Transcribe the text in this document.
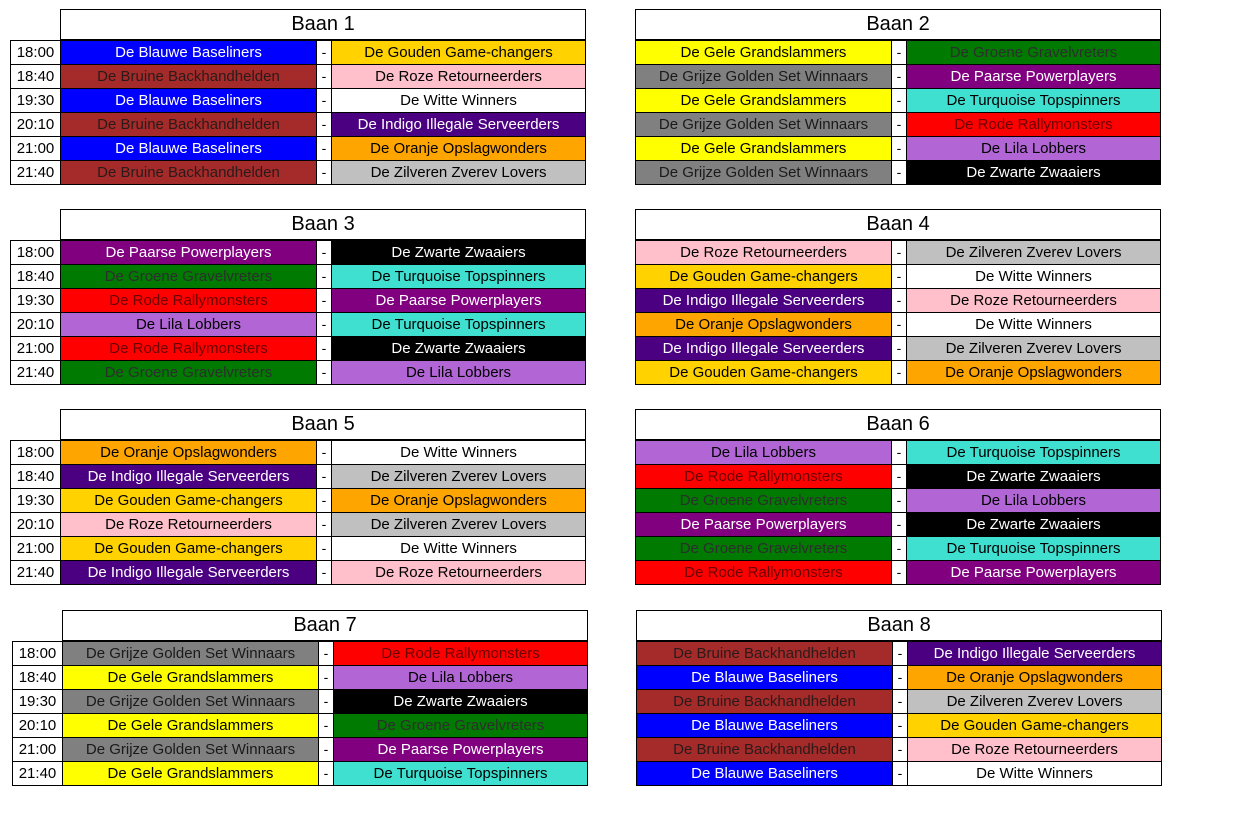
	Baan 1		
18:00	De Blauwe Baseliners	-	De Gouden Game-changers
18:40	De Bruine Backhandhelden	-	De Roze Retourneerders
19:30	De Blauwe Baseliners	-	De Witte Winners
20:10	De Bruine Backhandhelden	-	De Indigo Illegale Serveerders
21:00	De Blauwe Baseliners	-	De Oranje Opslagwonders
21:40	De Bruine Backhandhelden	-	De Zilveren Zverev Lovers
Baan 2		
De Gele Grandslammers	-	De Groene Gravelvreters
De Grijze Golden Set Winnaars	-	De Paarse Powerplayers
De Gele Grandslammers	-	De Turquoise Topspinners
De Grijze Golden Set Winnaars	-	De Rode Rallymonsters
De Gele Grandslammers	-	De Lila Lobbers
De Grijze Golden Set Winnaars	-	De Zwarte Zwaaiers
	Baan 3		
18:00	De Paarse Powerplayers	-	De Zwarte Zwaaiers
18:40	De Groene Gravelvreters	-	De Turquoise Topspinners
19:30	De Rode Rallymonsters	-	De Paarse Powerplayers
20:10	De Lila Lobbers	-	De Turquoise Topspinners
21:00	De Rode Rallymonsters	-	De Zwarte Zwaaiers
21:40	De Groene Gravelvreters	-	De Lila Lobbers
Baan 4		
De Roze Retourneerders	-	De Zilveren Zverev Lovers
De Gouden Game-changers	-	De Witte Winners
De Indigo Illegale Serveerders	-	De Roze Retourneerders
De Oranje Opslagwonders	-	De Witte Winners
De Indigo Illegale Serveerders	-	De Zilveren Zverev Lovers
De Gouden Game-changers	-	De Oranje Opslagwonders
	Baan 5		
18:00	De Oranje Opslagwonders	-	De Witte Winners
18:40	De Indigo Illegale Serveerders	-	De Zilveren Zverev Lovers
19:30	De Gouden Game-changers	-	De Oranje Opslagwonders
20:10	De Roze Retourneerders	-	De Zilveren Zverev Lovers
21:00	De Gouden Game-changers	-	De Witte Winners
21:40	De Indigo Illegale Serveerders	-	De Roze Retourneerders
Baan 6		
De Lila Lobbers	-	De Turquoise Topspinners
De Rode Rallymonsters	-	De Zwarte Zwaaiers
De Groene Gravelvreters	-	De Lila Lobbers
De Paarse Powerplayers	-	De Zwarte Zwaaiers
De Groene Gravelvreters	-	De Turquoise Topspinners
De Rode Rallymonsters	-	De Paarse Powerplayers
	Baan 7		
18:00	De Grijze Golden Set Winnaars	-	De Rode Rallymonsters
18:40	De Gele Grandslammers	-	De Lila Lobbers
19:30	De Grijze Golden Set Winnaars	-	De Zwarte Zwaaiers
20:10	De Gele Grandslammers	-	De Groene Gravelvreters
21:00	De Grijze Golden Set Winnaars	-	De Paarse Powerplayers
21:40	De Gele Grandslammers	-	De Turquoise Topspinners
Baan 8		
De Bruine Backhandhelden	-	De Indigo Illegale Serveerders
De Blauwe Baseliners	-	De Oranje Opslagwonders
De Bruine Backhandhelden	-	De Zilveren Zverev Lovers
De Blauwe Baseliners	-	De Gouden Game-changers
De Bruine Backhandhelden	-	De Roze Retourneerders
De Blauwe Baseliners	-	De Witte Winners
